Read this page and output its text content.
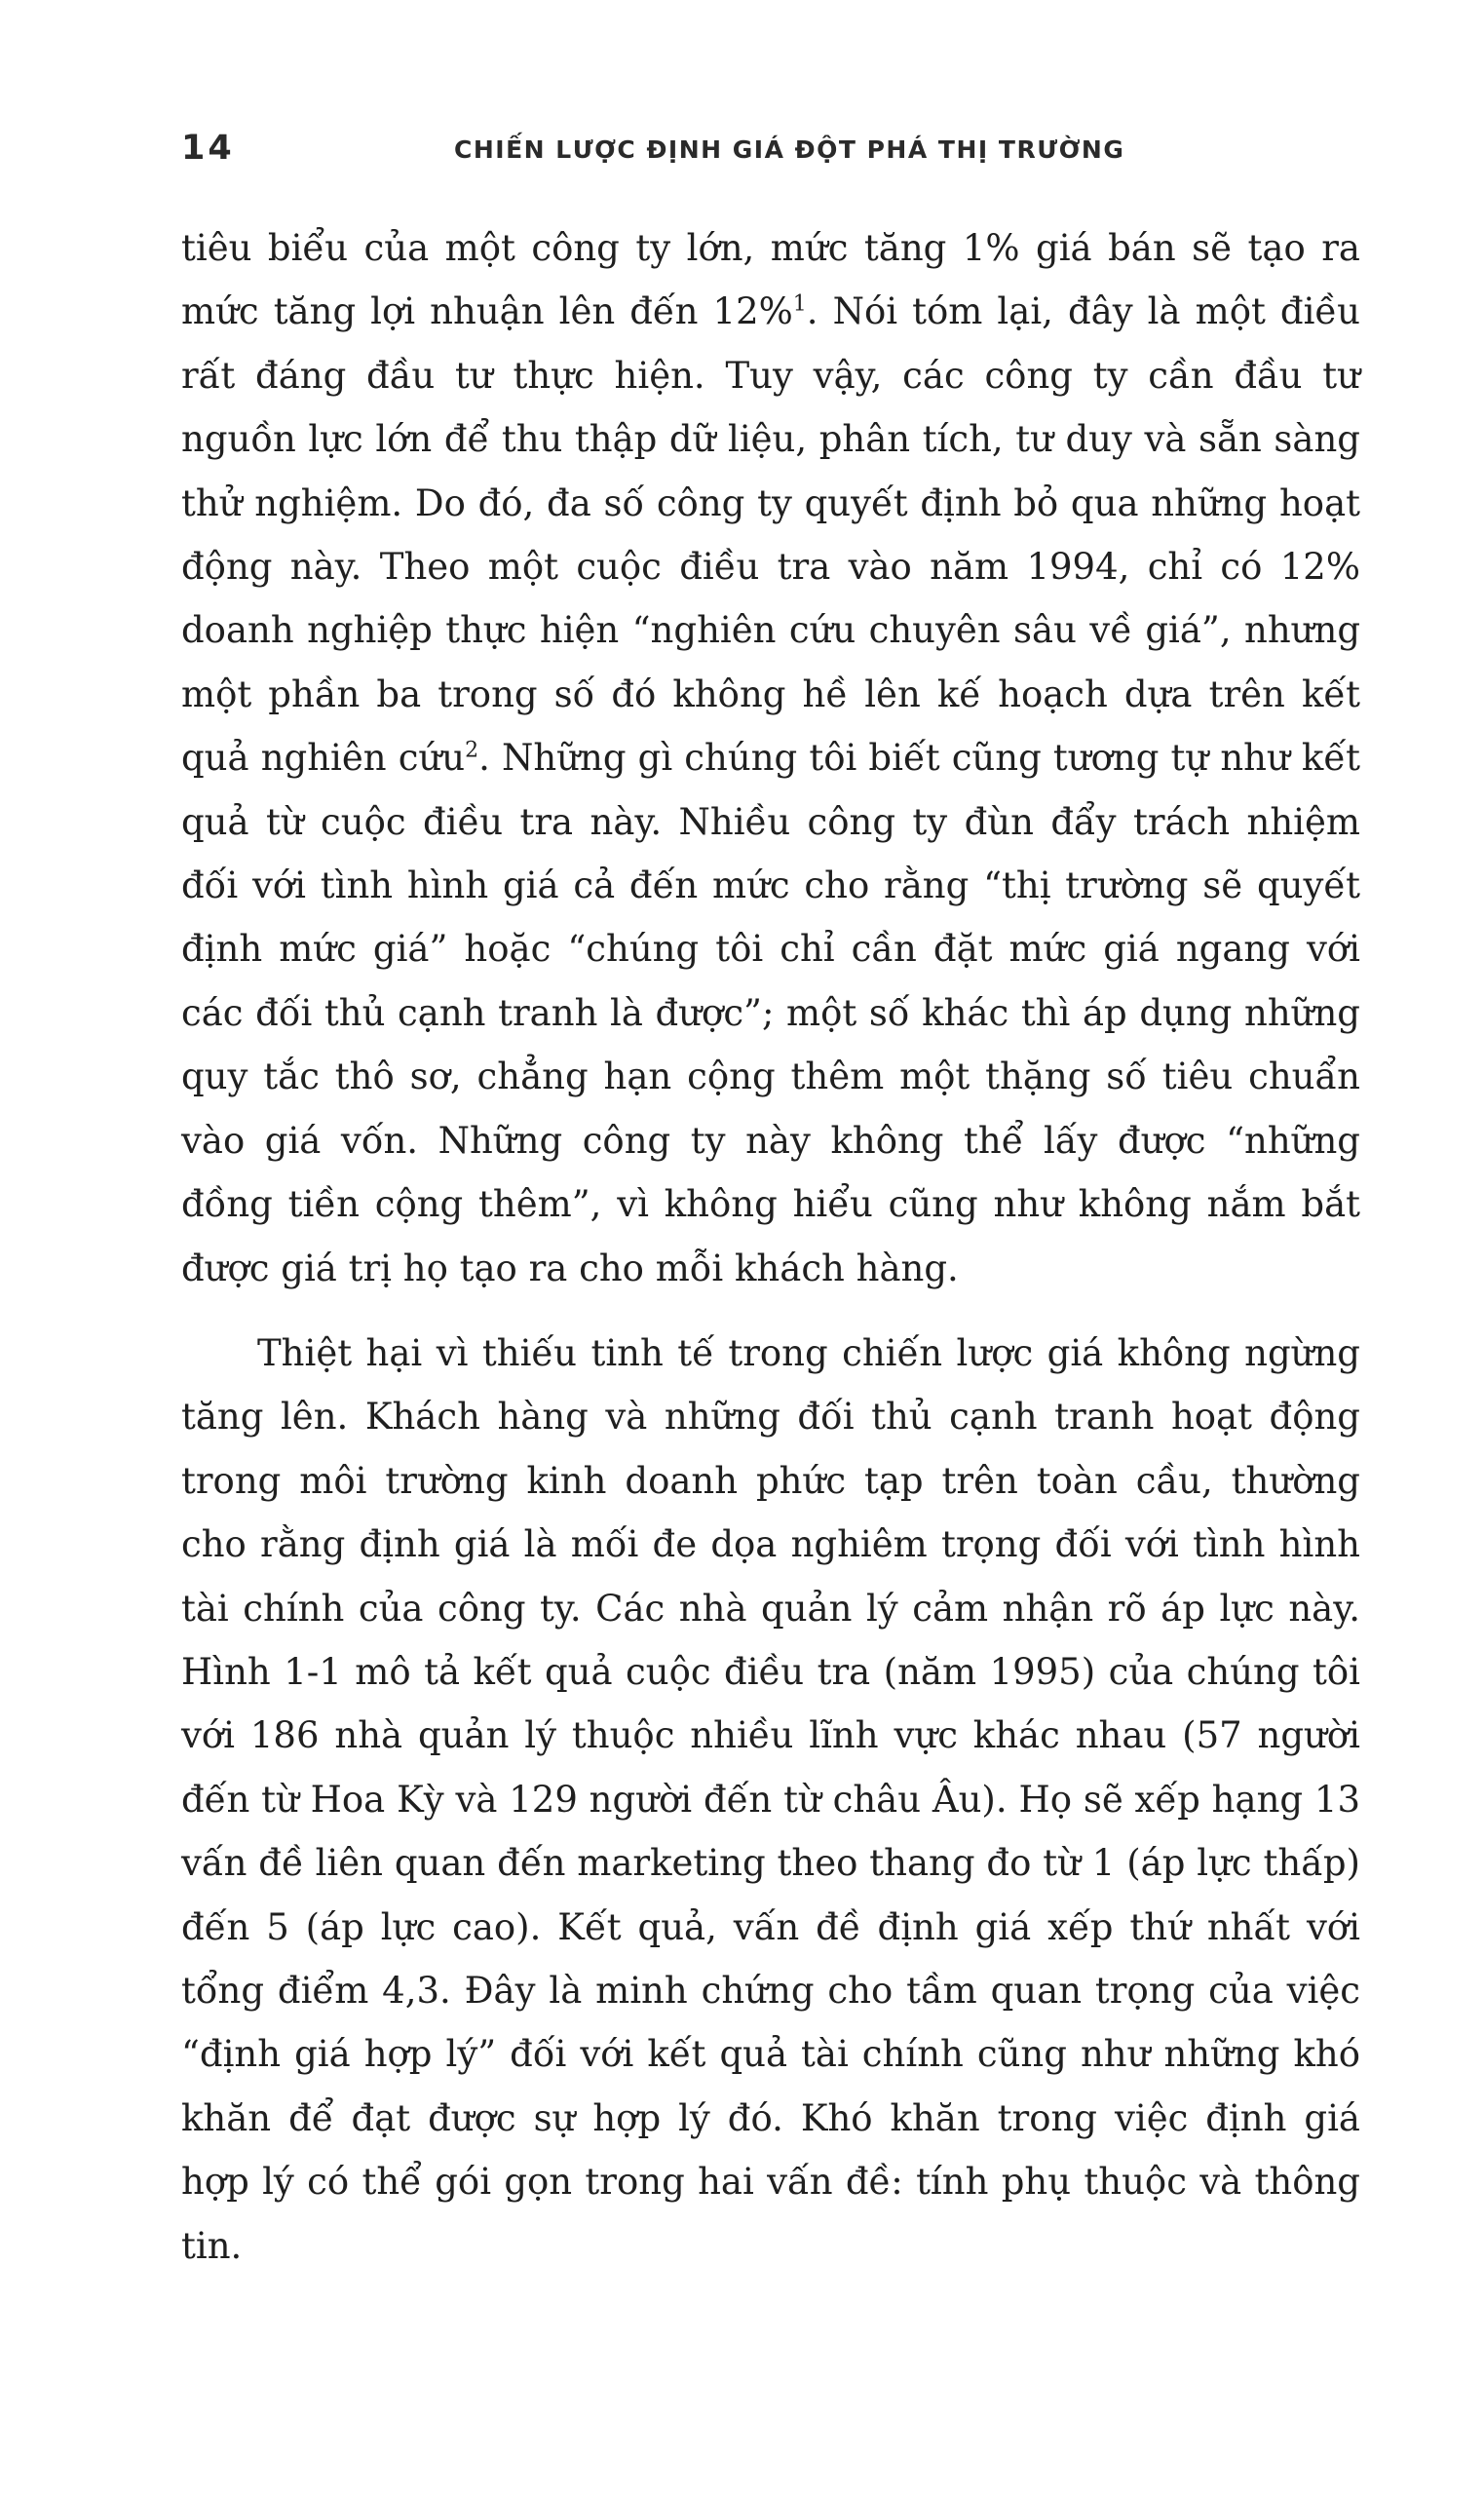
14	CHIẾN LƯỢC ĐỊNH GIÁ ĐỘT PHÁ THỊ TRƯỜNG

tiêu biểu của một công ty lớn, mức tăng 1% giá bán sẽ tạo ra mức tăng lợi nhuận lên đến 12%$^1$. Nói tóm lại, đây là một điều rất đáng đầu tư thực hiện. Tuy vậy, các công ty cần đầu tư nguồn lực lớn để thu thập dữ liệu, phân tích, tư duy và sẵn sàng thử nghiệm. Do đó, đa số công ty quyết định bỏ qua những hoạt động này. Theo một cuộc điều tra vào năm 1994, chỉ có 12% doanh nghiệp thực hiện “nghiên cứu chuyên sâu về giá”, nhưng một phần ba trong số đó không hề lên kế hoạch dựa trên kết quả nghiên cứu$^2$. Những gì chúng tôi biết cũng tương tự như kết quả từ cuộc điều tra này. Nhiều công ty đùn đẩy trách nhiệm đối với tình hình giá cả đến mức cho rằng “thị trường sẽ quyết định mức giá” hoặc “chúng tôi chỉ cần đặt mức giá ngang với các đối thủ cạnh tranh là được”; một số khác thì áp dụng những quy tắc thô sơ, chẳng hạn cộng thêm một thặng số tiêu chuẩn vào giá vốn. Những công ty này không thể lấy được “những đồng tiền cộng thêm”, vì không hiểu cũng như không nắm bắt được giá trị họ tạo ra cho mỗi khách hàng.

Thiệt hại vì thiếu tinh tế trong chiến lược giá không ngừng tăng lên. Khách hàng và những đối thủ cạnh tranh hoạt động trong môi trường kinh doanh phức tạp trên toàn cầu, thường cho rằng định giá là mối đe dọa nghiêm trọng đối với tình hình tài chính của công ty. Các nhà quản lý cảm nhận rõ áp lực này. Hình 1-1 mô tả kết quả cuộc điều tra (năm 1995) của chúng tôi với 186 nhà quản lý thuộc nhiều lĩnh vực khác nhau (57 người đến từ Hoa Kỳ và 129 người đến từ châu Âu). Họ sẽ xếp hạng 13 vấn đề liên quan đến marketing theo thang đo từ 1 (áp lực thấp) đến 5 (áp lực cao). Kết quả, vấn đề định giá xếp thứ nhất với tổng điểm 4,3. Đây là minh chứng cho tầm quan trọng của việc “định giá hợp lý” đối với kết quả tài chính cũng như những khó khăn để đạt được sự hợp lý đó. Khó khăn trong việc định giá hợp lý có thể gói gọn trong hai vấn đề: tính phụ thuộc và thông tin.
